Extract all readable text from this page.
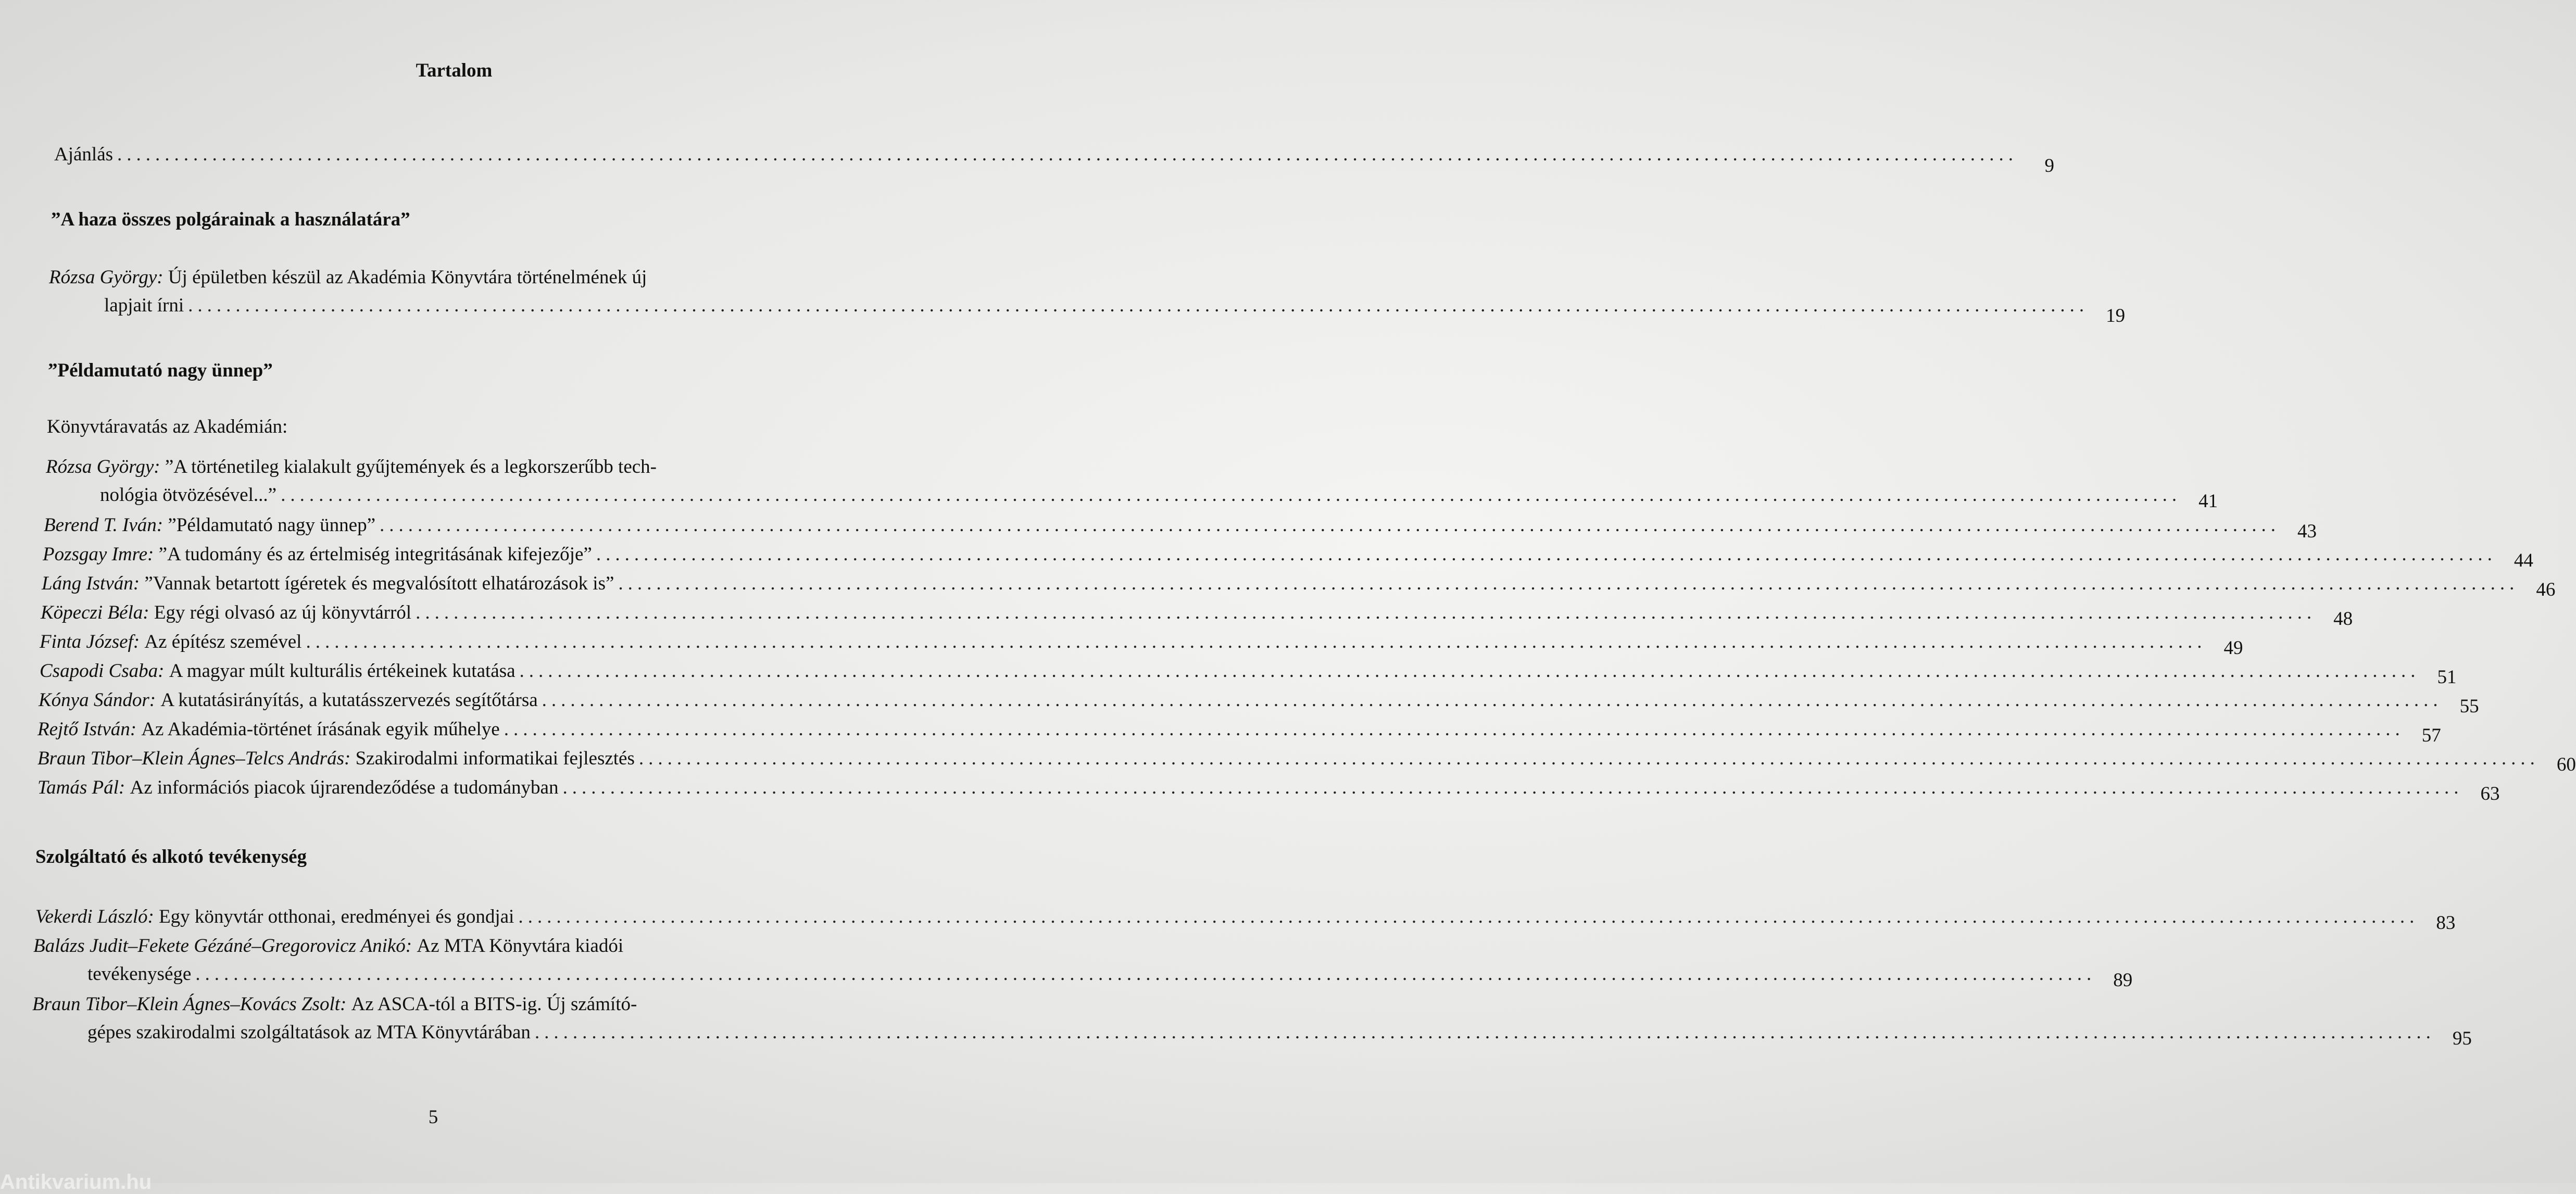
Tartalom
Ajánlás ........................................................................................................................................................................................................
9
”A haza összes polgárainak a használatára”
Rózsa György:
Új épületben készül az Akadémia Könyvtára történelmének új
lapjait írni ........................................................................................................................................................................................................ 19
”Példamutató nagy ünnep”
Könyvtáravatás az Akadémián:
Rózsa György:
”A történetileg kialakult gyűjtemények és a legkorszerűbb tech-
nológia ötvözésével...” ........................................................................................................................................................................................................ 41
Berend T. Iván:
”Példamutató nagy ünnep” ........................................................................................................................................................................................................ 43
Pozsgay Imre:
”A tudomány és az értelmiség integritásának kifejezője” ........................................................................................................................................................................................................ 44
Láng István:
”Vannak betartott ígéretek és megvalósított elhatározások is” ........................................................................................................................................................................................................ 46
Köpeczi Béla:
Egy régi olvasó az új könyvtárról ........................................................................................................................................................................................................ 48
Finta József:
Az építész szemével ........................................................................................................................................................................................................ 49
Csapodi Csaba:
A magyar múlt kulturális értékeinek kutatása ........................................................................................................................................................................................................ 51
Kónya Sándor:
A kutatásirányítás, a kutatásszervezés segítőtársa ........................................................................................................................................................................................................ 55
Rejtő István:
Az Akadémia-történet írásának egyik műhelye ........................................................................................................................................................................................................ 57
Braun Tibor–Klein Ágnes–Telcs András:
Szakirodalmi informatikai fejlesztés ........................................................................................................................................................................................................ 60
Tamás Pál:
Az információs piacok újrarendeződése a tudományban ........................................................................................................................................................................................................ 63
Szolgáltató és alkotó tevékenység
Vekerdi László:
Egy könyvtár otthonai, eredményei és gondjai ........................................................................................................................................................................................................ 83
Balázs Judit–Fekete Gézáné–Gregorovicz Anikó:
Az MTA Könyvtára kiadói
tevékenysége ........................................................................................................................................................................................................ 89
Braun Tibor–Klein Ágnes–Kovács Zsolt:
Az ASCA-tól a BITS-ig. Új számító-
gépes szakirodalmi szolgáltatások az MTA Könyvtárában ........................................................................................................................................................................................................ 95
5
Antikvarium.hu
